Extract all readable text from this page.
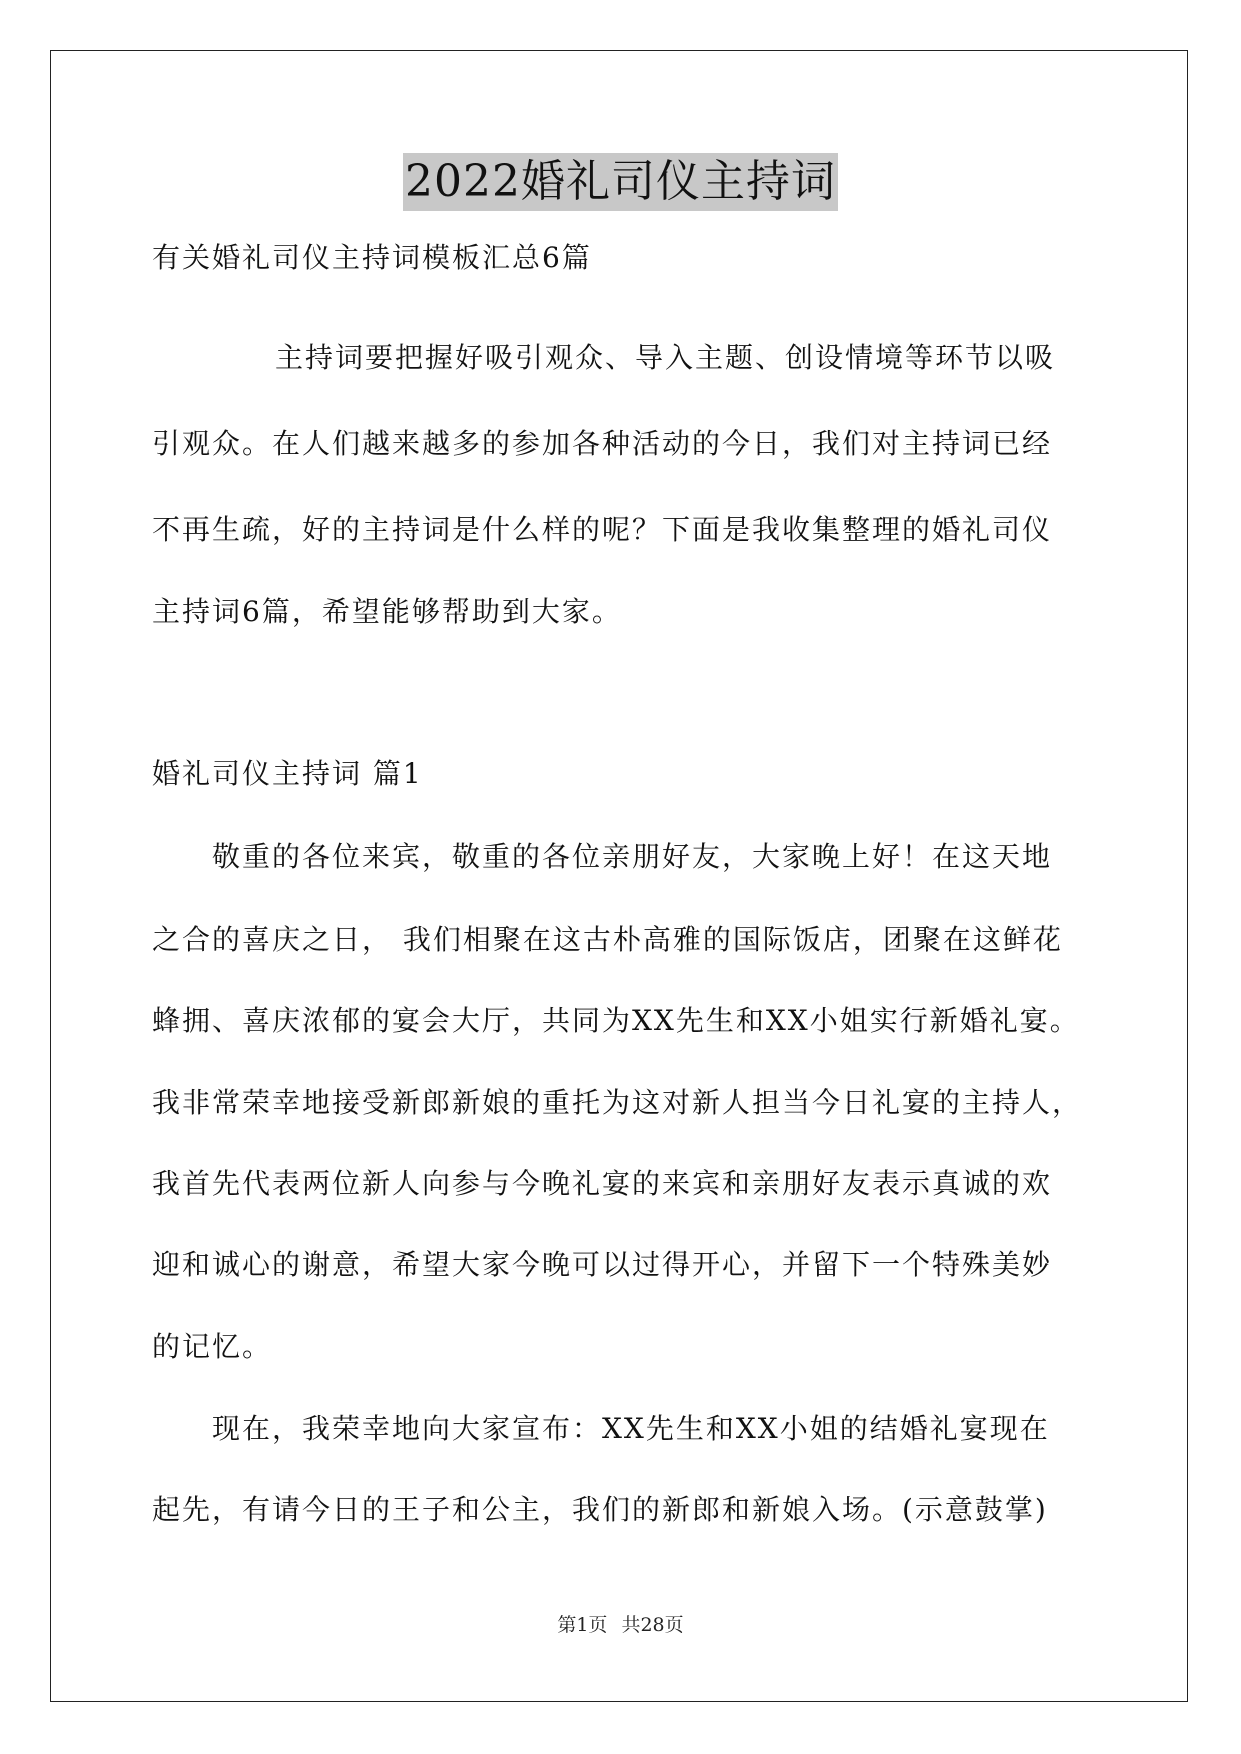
2022婚礼司仪主持词
有关婚礼司仪主持词模板汇总6篇
主持词要把握好吸引观众、导入主题、创设情境等环节以吸
引观众。在人们越来越多的参加各种活动的今日，我们对主持词已经
不再生疏，好的主持词是什么样的呢？下面是我收集整理的婚礼司仪
主持词6篇，希望能够帮助到大家。
婚礼司仪主持词 篇1
敬重的各位来宾，敬重的各位亲朋好友，大家晚上好！在这天地
之合的喜庆之日， 我们相聚在这古朴高雅的国际饭店，团聚在这鲜花
蜂拥、喜庆浓郁的宴会大厅，共同为XX先生和XX小姐实行新婚礼宴。
我非常荣幸地接受新郎新娘的重托为这对新人担当今日礼宴的主持人，
我首先代表两位新人向参与今晚礼宴的来宾和亲朋好友表示真诚的欢
迎和诚心的谢意，希望大家今晚可以过得开心，并留下一个特殊美妙
的记忆。
现在，我荣幸地向大家宣布：XX先生和XX小姐的结婚礼宴现在
起先，有请今日的王子和公主，我们的新郎和新娘入场。(示意鼓掌)
第1页 共28页
